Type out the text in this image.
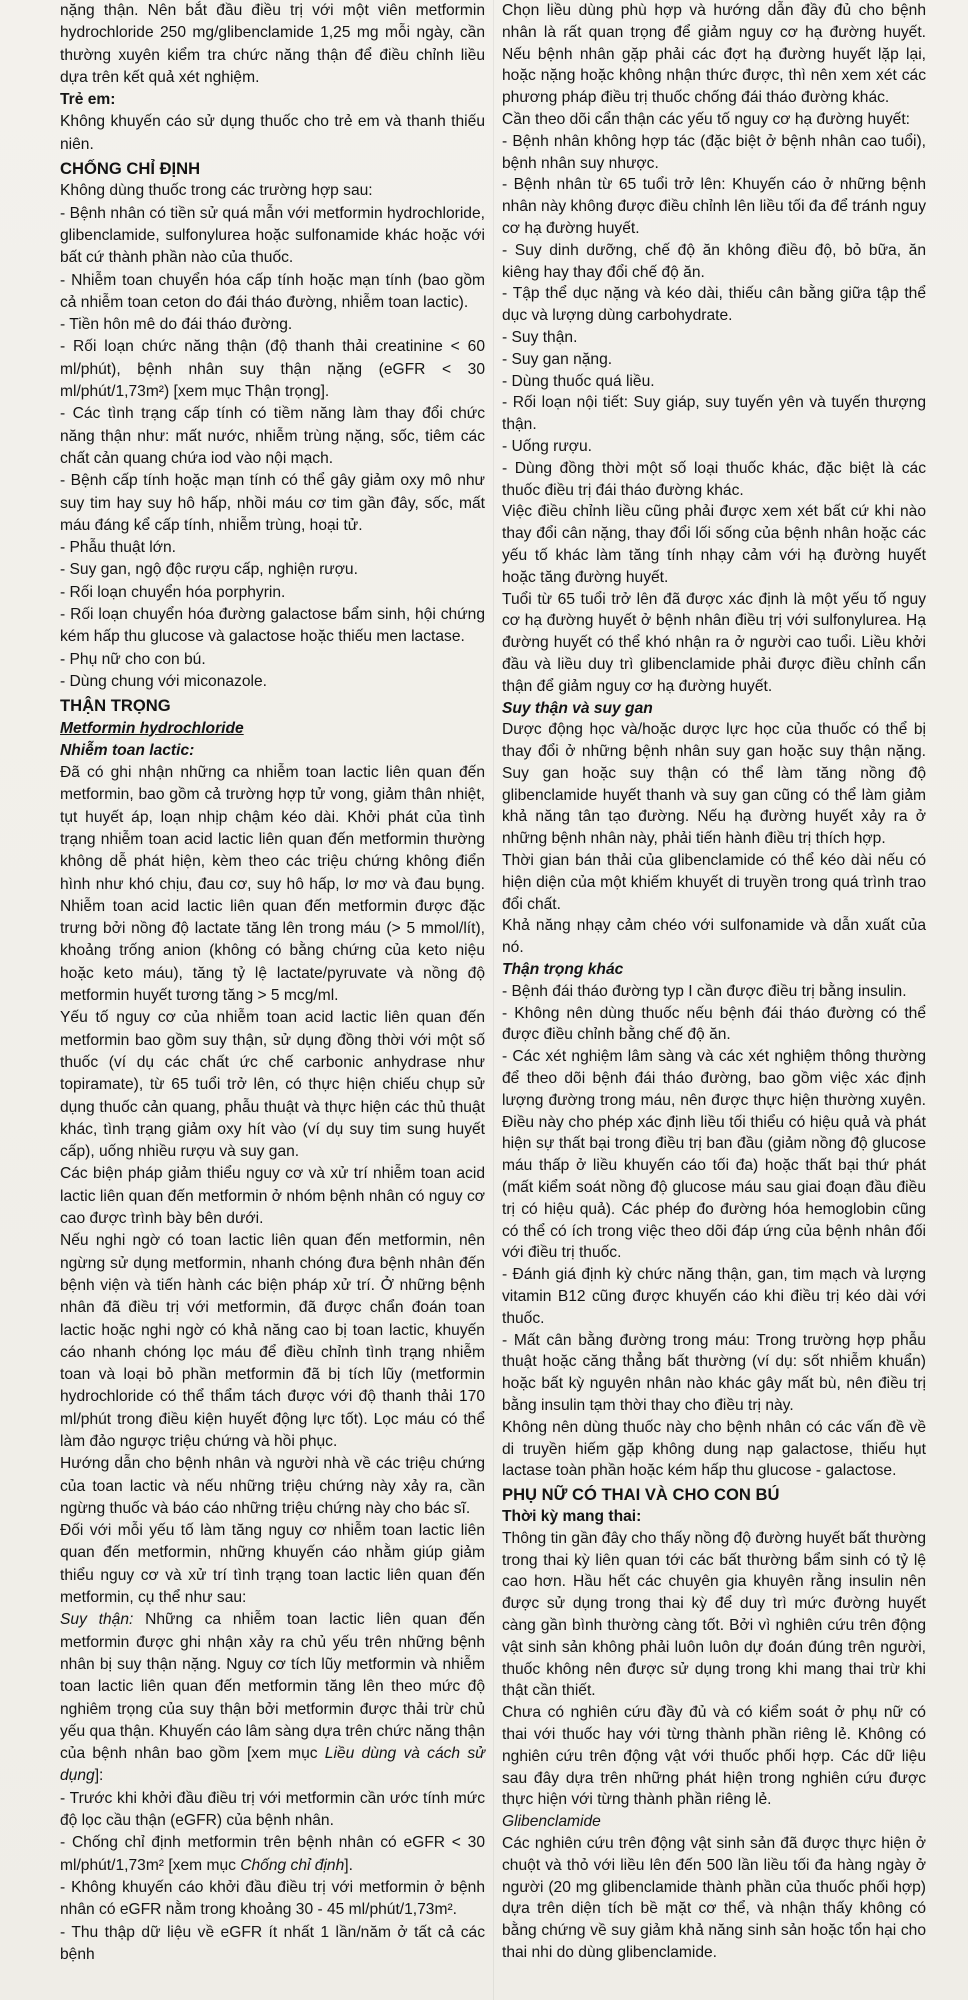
nặng thận. Nên bắt đầu điều trị với một viên metformin hydrochloride 250 mg/glibenclamide 1,25 mg mỗi ngày, cần thường xuyên kiểm tra chức năng thận để điều chỉnh liều dựa trên kết quả xét nghiệm.

Trẻ em:

Không khuyến cáo sử dụng thuốc cho trẻ em và thanh thiếu niên.

CHỐNG CHỈ ĐỊNH

Không dùng thuốc trong các trường hợp sau:

- Bệnh nhân có tiền sử quá mẫn với metformin hydrochloride, glibenclamide, sulfonylurea hoặc sulfonamide khác hoặc với bất cứ thành phần nào của thuốc.

- Nhiễm toan chuyển hóa cấp tính hoặc mạn tính (bao gồm cả nhiễm toan ceton do đái tháo đường, nhiễm toan lactic).

- Tiền hôn mê do đái tháo đường.

- Rối loạn chức năng thận (độ thanh thải creatinine < 60 ml/phút), bệnh nhân suy thận nặng (eGFR < 30 ml/phút/1,73m²) [xem mục Thận trọng].

- Các tình trạng cấp tính có tiềm năng làm thay đổi chức năng thận như: mất nước, nhiễm trùng nặng, sốc, tiêm các chất cản quang chứa iod vào nội mạch.

- Bệnh cấp tính hoặc mạn tính có thể gây giảm oxy mô như suy tim hay suy hô hấp, nhồi máu cơ tim gần đây, sốc, mất máu đáng kể cấp tính, nhiễm trùng, hoại tử.

- Phẫu thuật lớn.

- Suy gan, ngộ độc rượu cấp, nghiện rượu.

- Rối loạn chuyển hóa porphyrin.

- Rối loạn chuyển hóa đường galactose bẩm sinh, hội chứng kém hấp thu glucose và galactose hoặc thiếu men lactase.

- Phụ nữ cho con bú.

- Dùng chung với miconazole.

THẬN TRỌNG

Metformin hydrochloride

Nhiễm toan lactic:

Đã có ghi nhận những ca nhiễm toan lactic liên quan đến metformin, bao gồm cả trường hợp tử vong, giảm thân nhiệt, tụt huyết áp, loạn nhịp chậm kéo dài. Khởi phát của tình trạng nhiễm toan acid lactic liên quan đến metformin thường không dễ phát hiện, kèm theo các triệu chứng không điển hình như khó chịu, đau cơ, suy hô hấp, lơ mơ và đau bụng. Nhiễm toan acid lactic liên quan đến metformin được đặc trưng bởi nồng độ lactate tăng lên trong máu (> 5 mmol/lít), khoảng trống anion (không có bằng chứng của keto niệu hoặc keto máu), tăng tỷ lệ lactate/pyruvate và nồng độ metformin huyết tương tăng > 5 mcg/ml.

Yếu tố nguy cơ của nhiễm toan acid lactic liên quan đến metformin bao gồm suy thận, sử dụng đồng thời với một số thuốc (ví dụ các chất ức chế carbonic anhydrase như topiramate), từ 65 tuổi trở lên, có thực hiện chiếu chụp sử dụng thuốc cản quang, phẫu thuật và thực hiện các thủ thuật khác, tình trạng giảm oxy hít vào (ví dụ suy tim sung huyết cấp), uống nhiều rượu và suy gan.

Các biện pháp giảm thiểu nguy cơ và xử trí nhiễm toan acid lactic liên quan đến metformin ở nhóm bệnh nhân có nguy cơ cao được trình bày bên dưới.

Nếu nghi ngờ có toan lactic liên quan đến metformin, nên ngừng sử dụng metformin, nhanh chóng đưa bệnh nhân đến bệnh viện và tiến hành các biện pháp xử trí. Ở những bệnh nhân đã điều trị với metformin, đã được chẩn đoán toan lactic hoặc nghi ngờ có khả năng cao bị toan lactic, khuyến cáo nhanh chóng lọc máu để điều chỉnh tình trạng nhiễm toan và loại bỏ phần metformin đã bị tích lũy (metformin hydrochloride có thể thẩm tách được với độ thanh thải 170 ml/phút trong điều kiện huyết động lực tốt). Lọc máu có thể làm đảo ngược triệu chứng và hồi phục.

Hướng dẫn cho bệnh nhân và người nhà về các triệu chứng của toan lactic và nếu những triệu chứng này xảy ra, cần ngừng thuốc và báo cáo những triệu chứng này cho bác sĩ.

Đối với mỗi yếu tố làm tăng nguy cơ nhiễm toan lactic liên quan đến metformin, những khuyến cáo nhằm giúp giảm thiểu nguy cơ và xử trí tình trạng toan lactic liên quan đến metformin, cụ thể như sau:

Suy thận: Những ca nhiễm toan lactic liên quan đến metformin được ghi nhận xảy ra chủ yếu trên những bệnh nhân bị suy thận nặng. Nguy cơ tích lũy metformin và nhiễm toan lactic liên quan đến metformin tăng lên theo mức độ nghiêm trọng của suy thận bởi metformin được thải trừ chủ yếu qua thận. Khuyến cáo lâm sàng dựa trên chức năng thận của bệnh nhân bao gồm [xem mục Liều dùng và cách sử dụng]:

- Trước khi khởi đầu điều trị với metformin cần ước tính mức độ lọc cầu thận (eGFR) của bệnh nhân.

- Chống chỉ định metformin trên bệnh nhân có eGFR < 30 ml/phút/1,73m² [xem mục Chống chỉ định].

- Không khuyến cáo khởi đầu điều trị với metformin ở bệnh nhân có eGFR nằm trong khoảng 30 - 45 ml/phút/1,73m².

- Thu thập dữ liệu về eGFR ít nhất 1 lần/năm ở tất cả các bệnh

Chọn liều dùng phù hợp và hướng dẫn đầy đủ cho bệnh nhân là rất quan trọng để giảm nguy cơ hạ đường huyết. Nếu bệnh nhân gặp phải các đợt hạ đường huyết lặp lại, hoặc nặng hoặc không nhận thức được, thì nên xem xét các phương pháp điều trị thuốc chống đái tháo đường khác.

Cần theo dõi cẩn thận các yếu tố nguy cơ hạ đường huyết:

- Bệnh nhân không hợp tác (đặc biệt ở bệnh nhân cao tuổi), bệnh nhân suy nhược.

- Bệnh nhân từ 65 tuổi trở lên: Khuyến cáo ở những bệnh nhân này không được điều chỉnh lên liều tối đa để tránh nguy cơ hạ đường huyết.

- Suy dinh dưỡng, chế độ ăn không điều độ, bỏ bữa, ăn kiêng hay thay đổi chế độ ăn.

- Tập thể dục nặng và kéo dài, thiếu cân bằng giữa tập thể dục và lượng dùng carbohydrate.

- Suy thận.

- Suy gan nặng.

- Dùng thuốc quá liều.

- Rối loạn nội tiết: Suy giáp, suy tuyến yên và tuyến thượng thận.

- Uống rượu.

- Dùng đồng thời một số loại thuốc khác, đặc biệt là các thuốc điều trị đái tháo đường khác.

Việc điều chỉnh liều cũng phải được xem xét bất cứ khi nào thay đổi cân nặng, thay đổi lối sống của bệnh nhân hoặc các yếu tố khác làm tăng tính nhạy cảm với hạ đường huyết hoặc tăng đường huyết.

Tuổi từ 65 tuổi trở lên đã được xác định là một yếu tố nguy cơ hạ đường huyết ở bệnh nhân điều trị với sulfonylurea. Hạ đường huyết có thể khó nhận ra ở người cao tuổi. Liều khởi đầu và liều duy trì glibenclamide phải được điều chỉnh cẩn thận để giảm nguy cơ hạ đường huyết.

Suy thận và suy gan

Dược động học và/hoặc dược lực học của thuốc có thể bị thay đổi ở những bệnh nhân suy gan hoặc suy thận nặng. Suy gan hoặc suy thận có thể làm tăng nồng độ glibenclamide huyết thanh và suy gan cũng có thể làm giảm khả năng tân tạo đường. Nếu hạ đường huyết xảy ra ở những bệnh nhân này, phải tiến hành điều trị thích hợp.

Thời gian bán thải của glibenclamide có thể kéo dài nếu có hiện diện của một khiếm khuyết di truyền trong quá trình trao đổi chất.

Khả năng nhạy cảm chéo với sulfonamide và dẫn xuất của nó.

Thận trọng khác

- Bệnh đái tháo đường typ I cần được điều trị bằng insulin.

- Không nên dùng thuốc nếu bệnh đái tháo đường có thể được điều chỉnh bằng chế độ ăn.

- Các xét nghiệm lâm sàng và các xét nghiệm thông thường để theo dõi bệnh đái tháo đường, bao gồm việc xác định lượng đường trong máu, nên được thực hiện thường xuyên. Điều này cho phép xác định liều tối thiểu có hiệu quả và phát hiện sự thất bại trong điều trị ban đầu (giảm nồng độ glucose máu thấp ở liều khuyến cáo tối đa) hoặc thất bại thứ phát (mất kiểm soát nồng độ glucose máu sau giai đoạn đầu điều trị có hiệu quả). Các phép đo đường hóa hemoglobin cũng có thể có ích trong việc theo dõi đáp ứng của bệnh nhân đối với điều trị thuốc.

- Đánh giá định kỳ chức năng thận, gan, tim mạch và lượng vitamin B12 cũng được khuyến cáo khi điều trị kéo dài với thuốc.

- Mất cân bằng đường trong máu: Trong trường hợp phẫu thuật hoặc căng thẳng bất thường (ví dụ: sốt nhiễm khuẩn) hoặc bất kỳ nguyên nhân nào khác gây mất bù, nên điều trị bằng insulin tạm thời thay cho điều trị này.

Không nên dùng thuốc này cho bệnh nhân có các vấn đề về di truyền hiếm gặp không dung nạp galactose, thiếu hụt lactase toàn phần hoặc kém hấp thu glucose - galactose.

PHỤ NỮ CÓ THAI VÀ CHO CON BÚ

Thời kỳ mang thai:

Thông tin gần đây cho thấy nồng độ đường huyết bất thường trong thai kỳ liên quan tới các bất thường bẩm sinh có tỷ lệ cao hơn. Hầu hết các chuyên gia khuyên rằng insulin nên được sử dụng trong thai kỳ để duy trì mức đường huyết càng gần bình thường càng tốt. Bởi vì nghiên cứu trên động vật sinh sản không phải luôn luôn dự đoán đúng trên người, thuốc không nên được sử dụng trong khi mang thai trừ khi thật cần thiết.

Chưa có nghiên cứu đầy đủ và có kiểm soát ở phụ nữ có thai với thuốc hay với từng thành phần riêng lẻ. Không có nghiên cứu trên động vật với thuốc phối hợp. Các dữ liệu sau đây dựa trên những phát hiện trong nghiên cứu được thực hiện với từng thành phần riêng lẻ.

Glibenclamide

Các nghiên cứu trên động vật sinh sản đã được thực hiện ở chuột và thỏ với liều lên đến 500 lần liều tối đa hàng ngày ở người (20 mg glibenclamide thành phần của thuốc phối hợp) dựa trên diện tích bề mặt cơ thể, và nhận thấy không có bằng chứng về suy giảm khả năng sinh sản hoặc tổn hại cho thai nhi do dùng glibenclamide.
